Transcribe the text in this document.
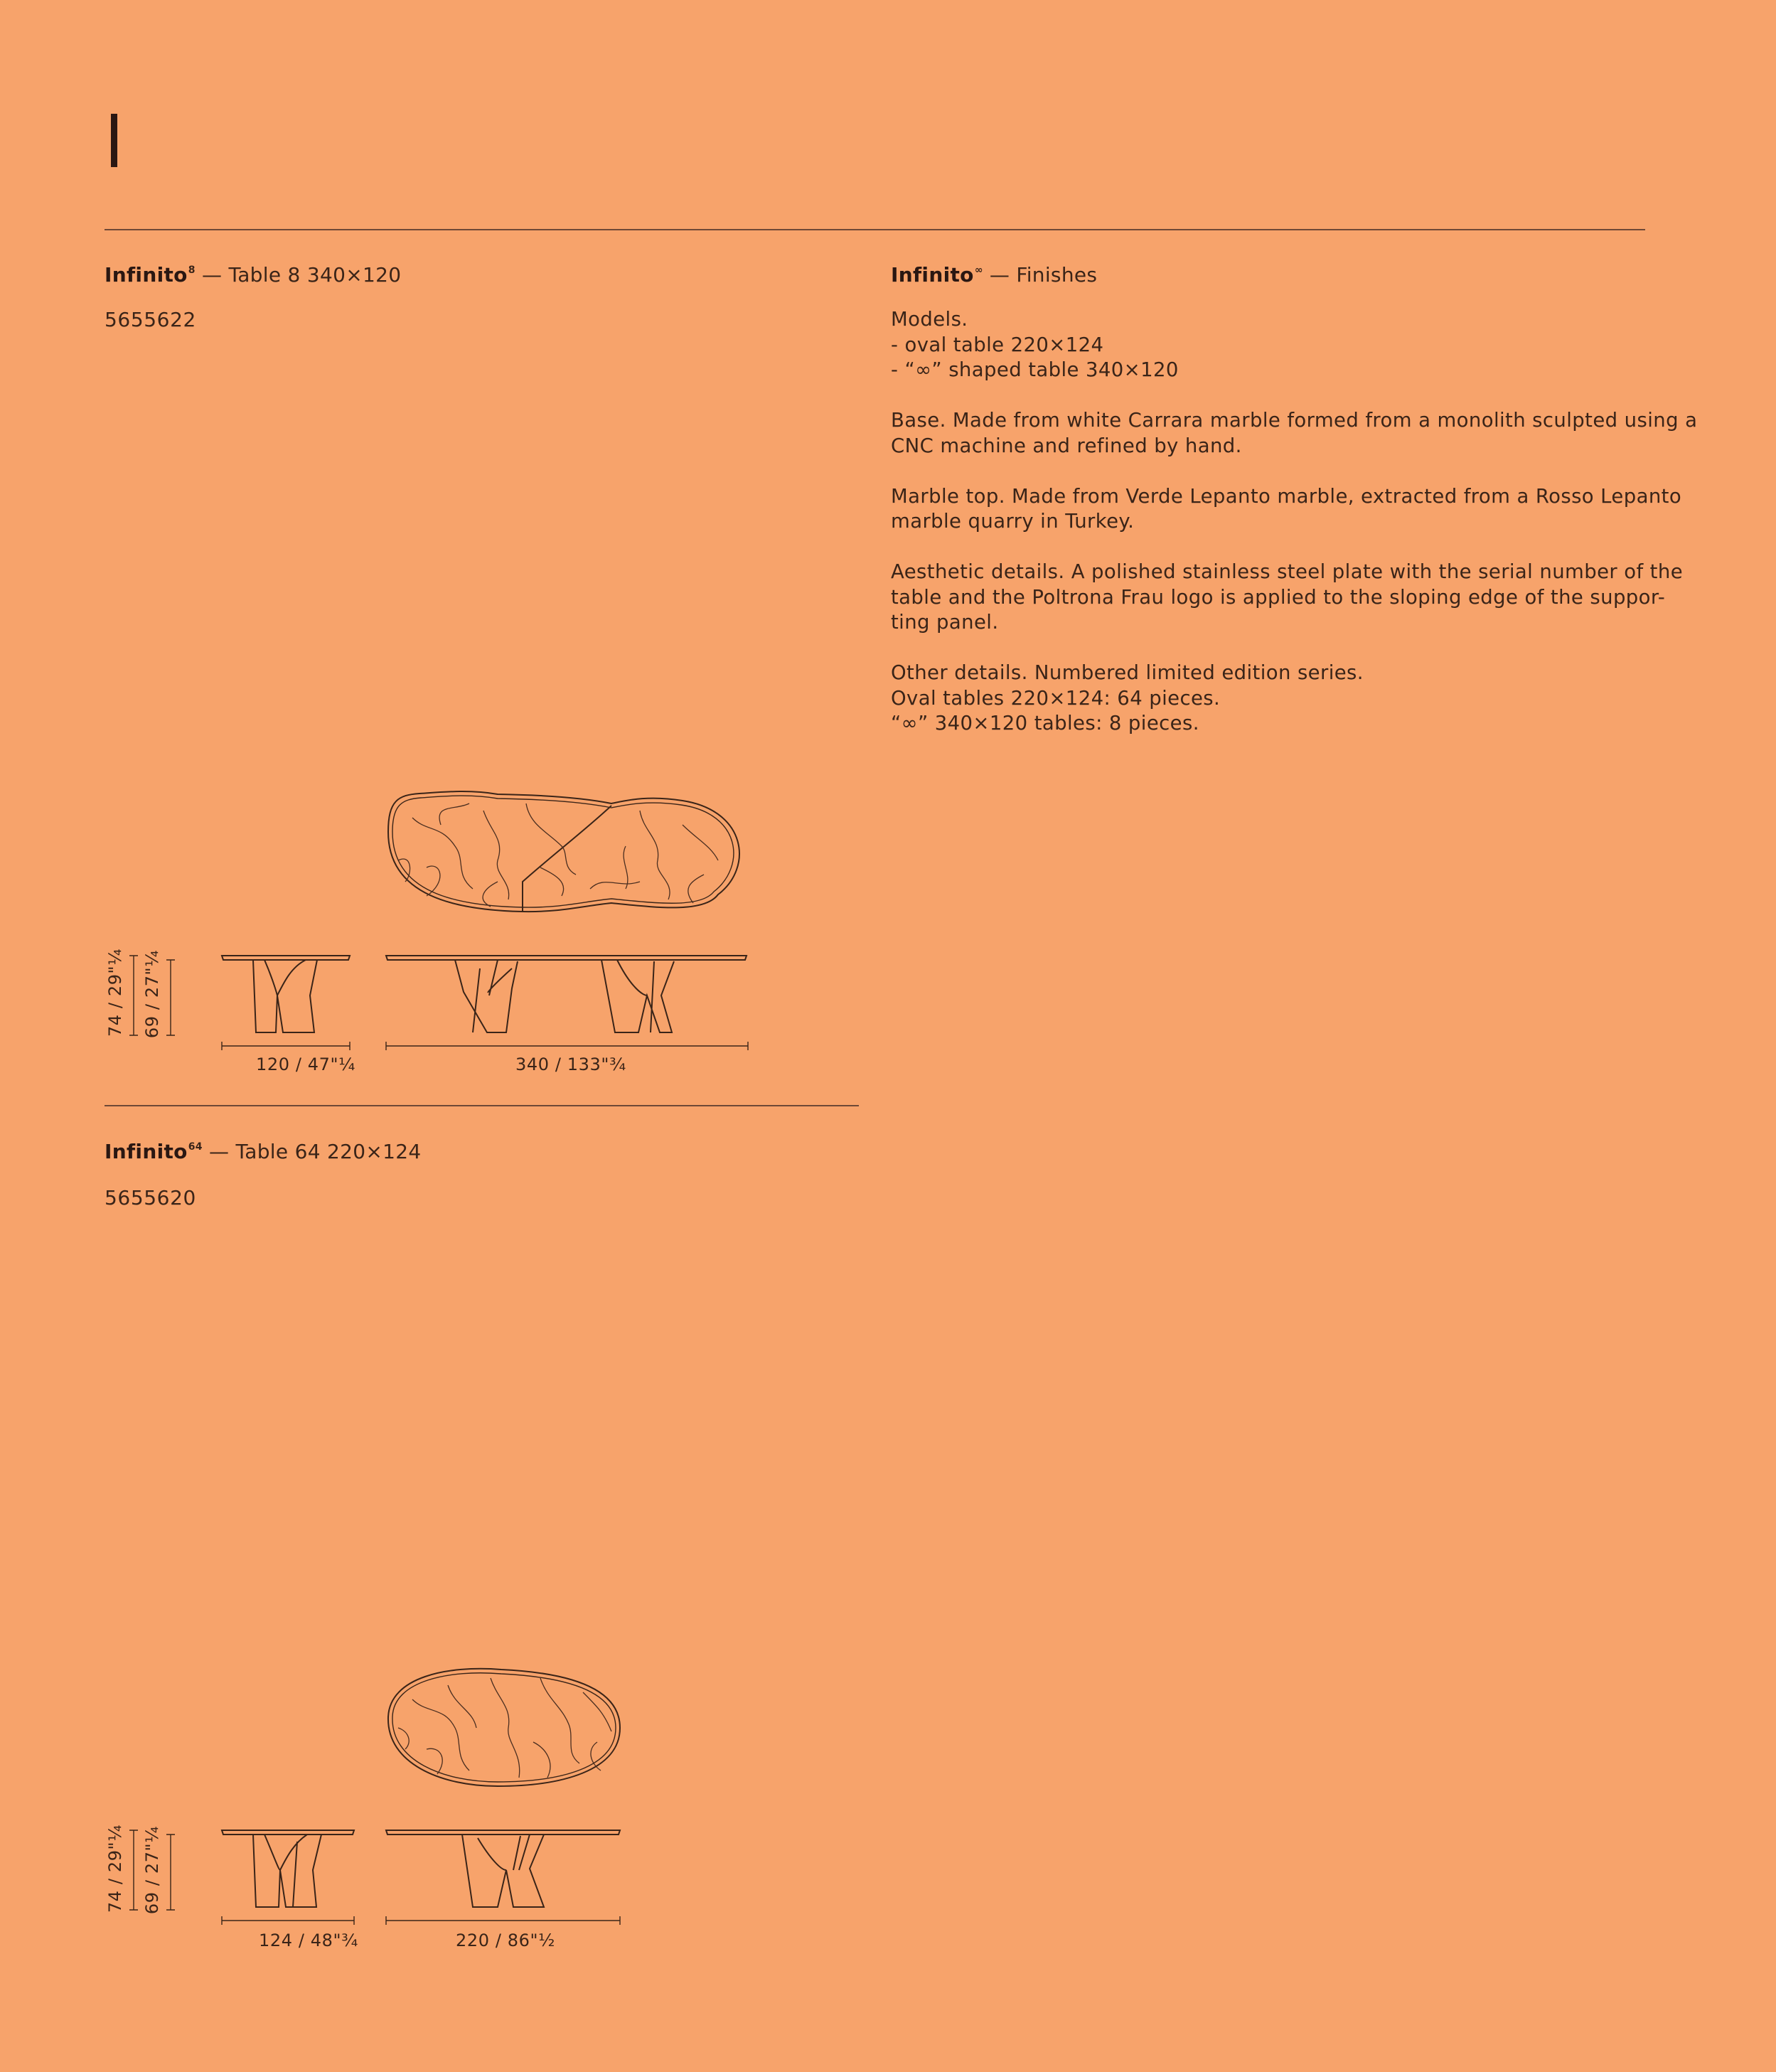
Infinito$^8$ — Table 8 340×120
5655622
74 / 29"¼ 69 / 27"¼
120 / 47"¼	340 / 133"¾
Infinito$^{64}$ — Table 64 220×124
5655620
74 / 29"¼ 69 / 27"¼
124 / 48"¾	220 / 86"½
Infinito∞ — Finishes

Models.
- oval table 220×124
- “∞” shaped table 340×120

Base. Made from white Carrara marble formed from a monolith sculpted using a
CNC machine and refined by hand.

Marble top. Made from Verde Lepanto marble, extracted from a Rosso Lepanto
marble quarry in Turkey.

Aesthetic details. A polished stainless steel plate with the serial number of the
table and the Poltrona Frau logo is applied to the sloping edge of the suppor-
ting panel.

Other details. Numbered limited edition series.
Oval tables 220×124: 64 pieces.
“∞” 340×120 tables: 8 pieces.
